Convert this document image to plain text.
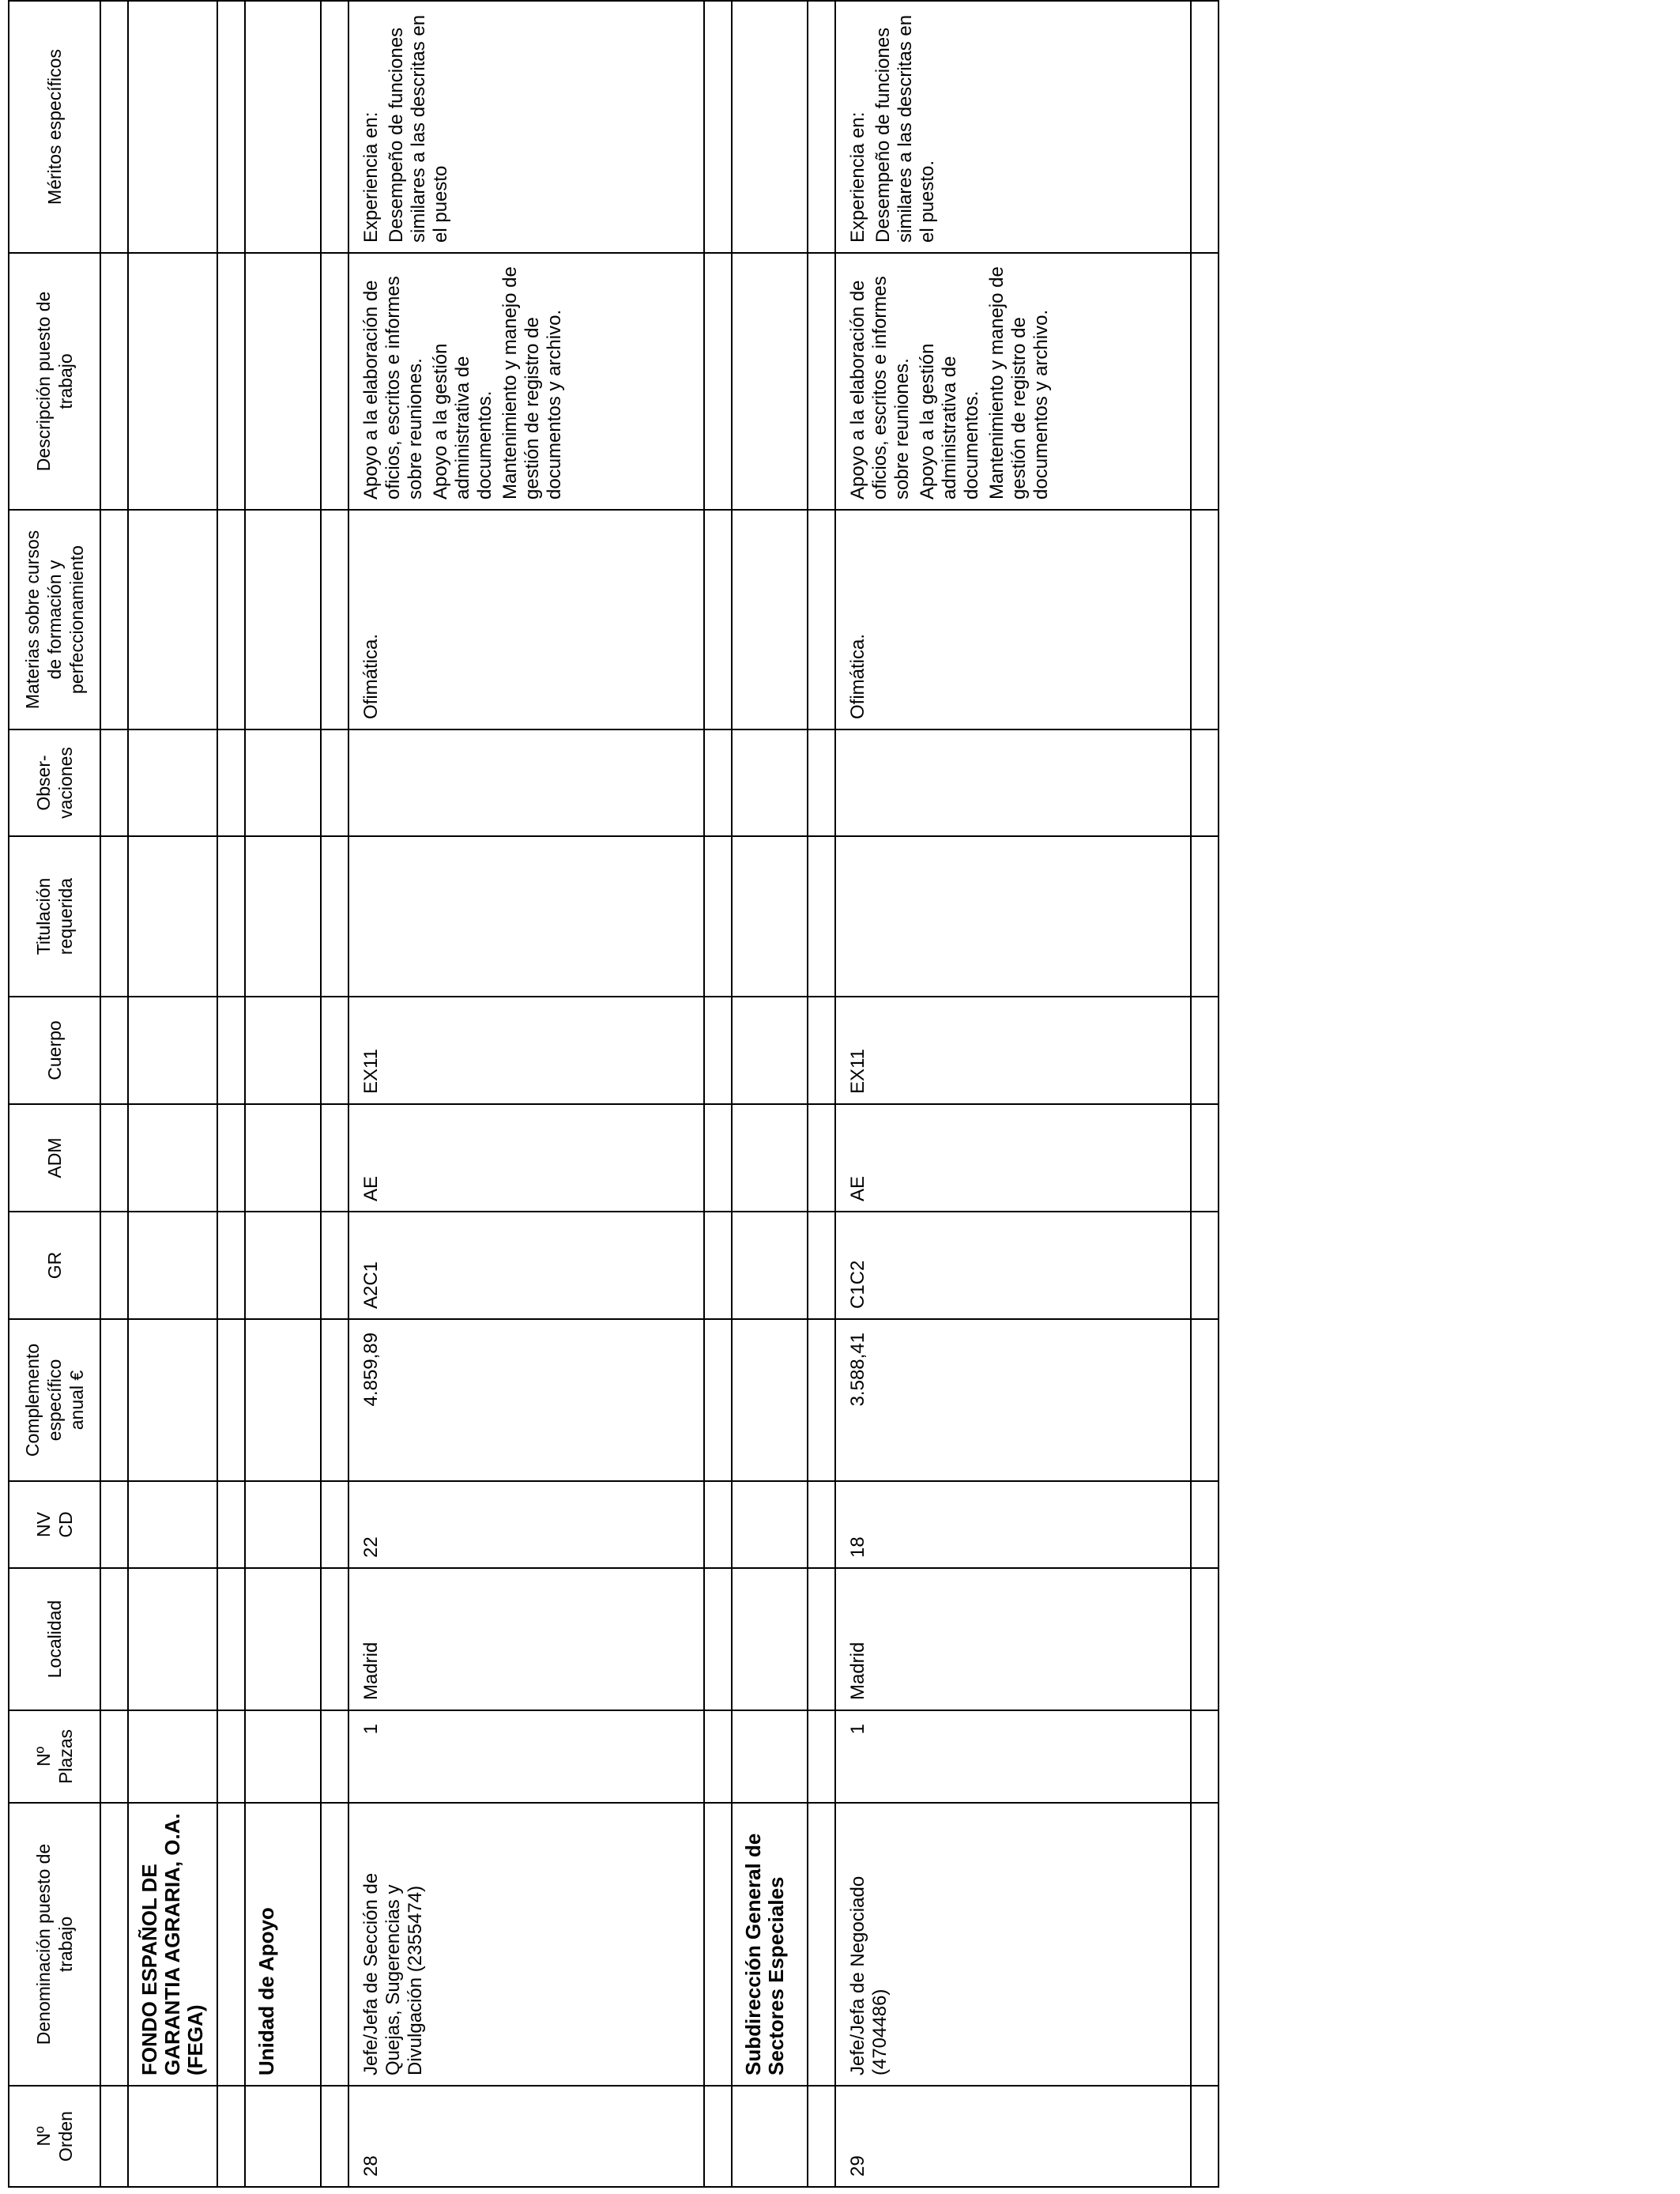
Nº Orden	Denominación puesto de trabajo	Nº Plazas	Localidad	NV CD	Complemento específico anual €	GR	ADM	Cuerpo	Titulación requerida	Obser- vaciones	Materias sobre cursos de formación y perfeccionamiento	Descripción puesto de trabajo	Méritos específicos

	FONDO ESPAÑOL DE GARANTIA AGRARIA, O.A. (FEGA)												

	Unidad de Apoyo												

28	Jefe/Jefa de Sección de Quejas, Sugerencias y Divulgación (2355474)	1	Madrid	22	4.859,89	A2C1	AE	EX11			Ofimática.	Apoyo a la elaboración de oficios, escritos e informes sobre reuniones. Apoyo a la gestión administrativa de documentos. Mantenimiento y manejo de gestión de registro de documentos y archivo.	Experiencia en: Desempeño de funciones similares a las descritas en el puesto

	Subdirección General de Sectores Especiales												

29	Jefe/Jefa de Negociado (4704486)	1	Madrid	18	3.588,41	C1C2	AE	EX11			Ofimática.	Apoyo a la elaboración de oficios, escritos e informes sobre reuniones. Apoyo a la gestión administrativa de documentos. Mantenimiento y manejo de gestión de registro de documentos y archivo.	Experiencia en: Desempeño de funciones similares a las descritas en el puesto.
